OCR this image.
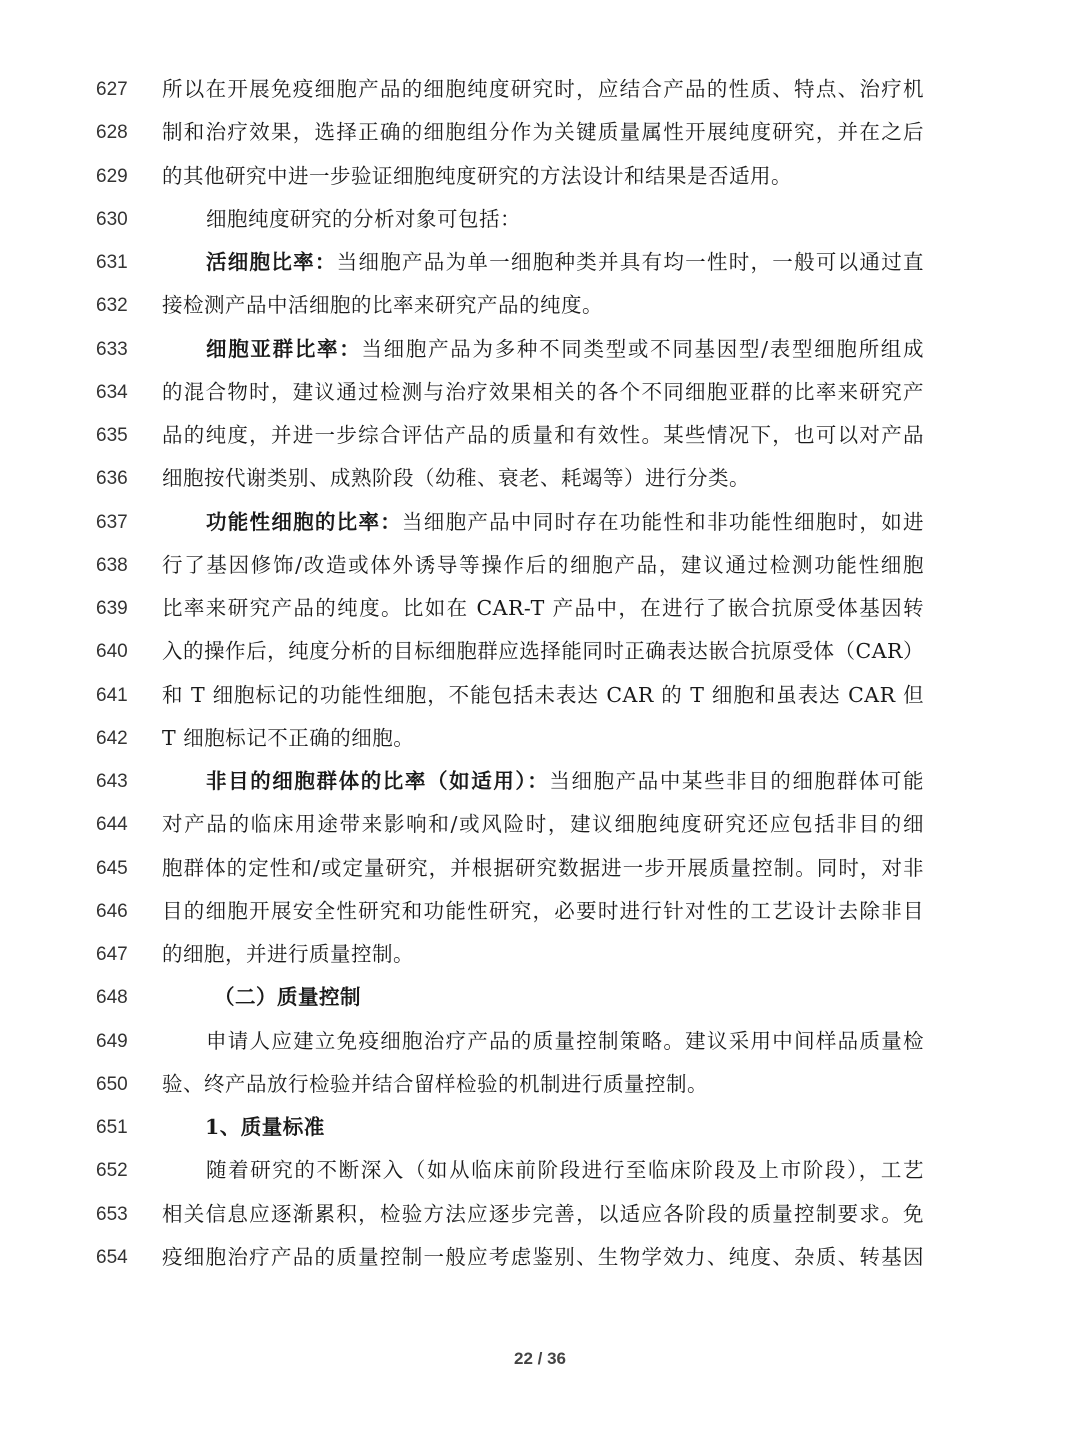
627 所以在开展免疫细胞产品的细胞纯度研究时，应结合产品的性质、特点、治疗机
628 制和治疗效果，选择正确的细胞组分作为关键质量属性开展纯度研究，并在之后
629 的其他研究中进一步验证细胞纯度研究的方法设计和结果是否适用。
630	细胞纯度研究的分析对象可包括：
631	活细胞比率：当细胞产品为单一细胞种类并具有均一性时，一般可以通过直
632 接检测产品中活细胞的比率来研究产品的纯度。
633	细胞亚群比率：当细胞产品为多种不同类型或不同基因型/表型细胞所组成
634 的混合物时，建议通过检测与治疗效果相关的各个不同细胞亚群的比率来研究产
635 品的纯度，并进一步综合评估产品的质量和有效性。某些情况下，也可以对产品
636 细胞按代谢类别、成熟阶段（幼稚、衰老、耗竭等）进行分类。
637	功能性细胞的比率：当细胞产品中同时存在功能性和非功能性细胞时，如进
638 行了基因修饰/改造或体外诱导等操作后的细胞产品，建议通过检测功能性细胞
639 比率来研究产品的纯度。比如在 CAR-T 产品中，在进行了嵌合抗原受体基因转
640 入的操作后，纯度分析的目标细胞群应选择能同时正确表达嵌合抗原受体（CAR）
641 和 T 细胞标记的功能性细胞，不能包括未表达 CAR 的 T 细胞和虽表达 CAR 但
642 T 细胞标记不正确的细胞。
643	非目的细胞群体的比率（如适用）：当细胞产品中某些非目的细胞群体可能
644 对产品的临床用途带来影响和/或风险时，建议细胞纯度研究还应包括非目的细
645 胞群体的定性和/或定量研究，并根据研究数据进一步开展质量控制。同时，对非
646 目的细胞开展安全性研究和功能性研究，必要时进行针对性的工艺设计去除非目
647 的细胞，并进行质量控制。
648	（二）质量控制
649	申请人应建立免疫细胞治疗产品的质量控制策略。建议采用中间样品质量检
650 验、终产品放行检验并结合留样检验的机制进行质量控制。
651	1、质量标准
652	随着研究的不断深入（如从临床前阶段进行至临床阶段及上市阶段），工艺
653 相关信息应逐渐累积，检验方法应逐步完善，以适应各阶段的质量控制要求。免
654 疫细胞治疗产品的质量控制一般应考虑鉴别、生物学效力、纯度、杂质、转基因
22 / 36
